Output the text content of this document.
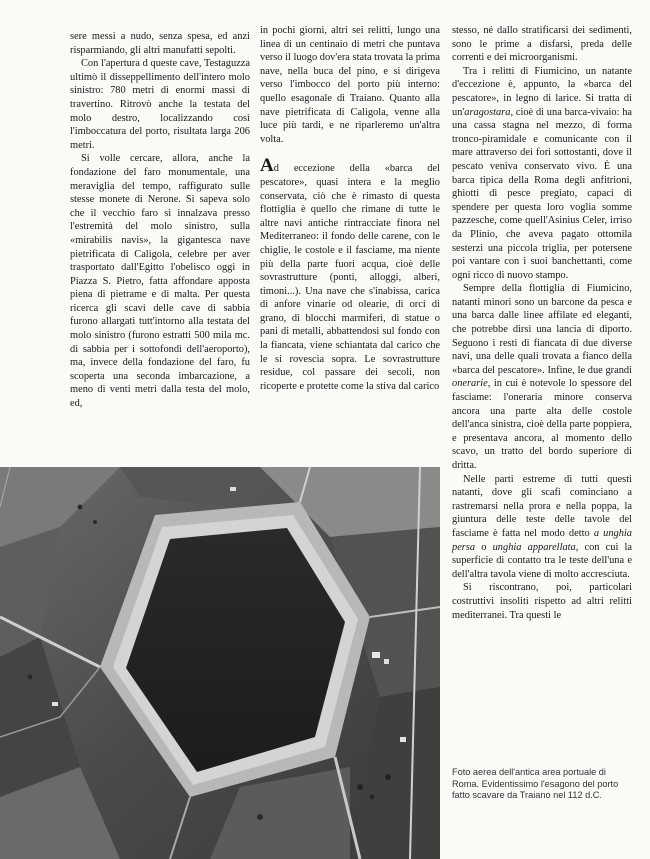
sere messi a nudo, senza spesa, ed anzi risparmiando, gli altri manufatti sepolti.

Con l'apertura d queste cave, Testaguzza ultimò il disseppellimento dell'intero molo sinistro: 780 metri di enormi massi di travertino. Ritrovò anche la testata del molo destro, localizzando così l'imboccatura del porto, risultata larga 206 metri.

Si volle cercare, allora, anche la fondazione del faro monumentale, una meraviglia del tempo, raffigurato sulle stesse monete di Nerone. Si sapeva solo che il vecchio faro si innalzava presso l'estremità del molo sinistro, sulla «mirabilis navis», la gigantesca nave pietrificata di Caligola, celebre per aver trasportato dall'Egitto l'obelisco oggi in Piazza S. Pietro, fatta affondare apposta piena di pietrame e di malta. Per questa ricerca gli scavi delle cave di sabbia furono allargati tutt'intorno alla testata del molo sinistro (furono estratti 500 mila mc. di sabbia per i sottofondi dell'aeroporto), ma, invece della fondazione del faro, fu scoperta una seconda imbarcazione, a meno di venti metri dalla testa del molo, ed,

in pochi giorni, altri sei relitti, lungo una linea di un centinaio di metri che puntava verso il luogo dov'era stata trovata la prima nave, nella buca del pino, e si dirigeva verso l'imbocco del porto più interno: quello esagonale di Traiano. Quanto alla nave pietrificata di Caligola, venne alla luce più tardi, e ne riparleremo un'altra volta.

Ad eccezione della «barca del pescatore», quasi intera e la meglio conservata, ciò che è rimasto di questa flottiglia è quello che rimane di tutte le altre navi antiche rintracciate finora nel Mediterraneo: il fondo delle carene, con le chiglie, le costole e il fasciame, ma niente più della parte fuori acqua, cioè delle sovrastrutture (ponti, alloggi, alberi, timoni...). Una nave che s'inabissa, carica di anfore vinarie od olearie, di orci di grano, di blocchi marmiferi, di statue o pani di metalli, abbattendosi sul fondo con la fiancata, viene schiantata dal carico che le si rovescia sopra. Le sovrastrutture residue, col passare dei secoli, non ricoperte e protette come la stiva dal carico

stesso, né dallo stratificarsi dei sedimenti, sono le prime a disfarsi, preda delle correnti e dei microorganismi.

Tra i relitti di Fiumicino, un natante d'eccezione è, appunto, la «barca del pescatore», in legno di larice. Si tratta di un'aragostara, cioè di una barca-vivaio: ha una cassa stagna nel mezzo, di forma tronco-piramidale e comunicante con il mare attraverso dei fori sottostanti, dove il pescato veniva conservato vivo. È una barca tipica della Roma degli anfitrioni, ghiotti di pesce pregiato, capaci di spendere per questa loro voglia somme pazzesche, come quell'Asinius Celer, irriso da Plinio, che aveva pagato ottomila sesterzi una piccola triglia, per potersene poi vantare con i suoi banchettanti, come ogni ricco di nuovo stampo.

Sempre della flottiglia di Fiumicino, natanti minori sono un barcone da pesca e una barca dalle linee affilate ed eleganti, che potrebbe dirsi una lancia di diporto. Seguono i resti di fiancata di due diverse navi, una delle quali trovata a fianco della «barca del pescatore». Infine, le due grandi onerarie, in cui è notevole lo spessore del fasciame: l'oneraria minore conserva ancora una parte alta delle costole dell'anca sinistra, cioè della parte poppiera, e presentava ancora, al momento dello scavo, un tratto del bordo superiore di dritta.

Nelle parti estreme di tutti questi natanti, dove gli scafi cominciano a rastremarsi nella prora e nella poppa, la giuntura delle teste delle tavole del fasciame è fatta nel modo detto a unghia persa o unghia apparellata, con cui la superficie di contatto tra le teste dell'una e dell'altra tavola viene di molto accresciuta.

Si riscontrano, poi, particolari costruttivi insoliti rispetto ad altri relitti mediterranei. Tra questi le

Foto aerea dell'antica area portuale di Roma. Evidentissimo l'esagono del porto fatto scavare da Traiano nel 112 d.C.
